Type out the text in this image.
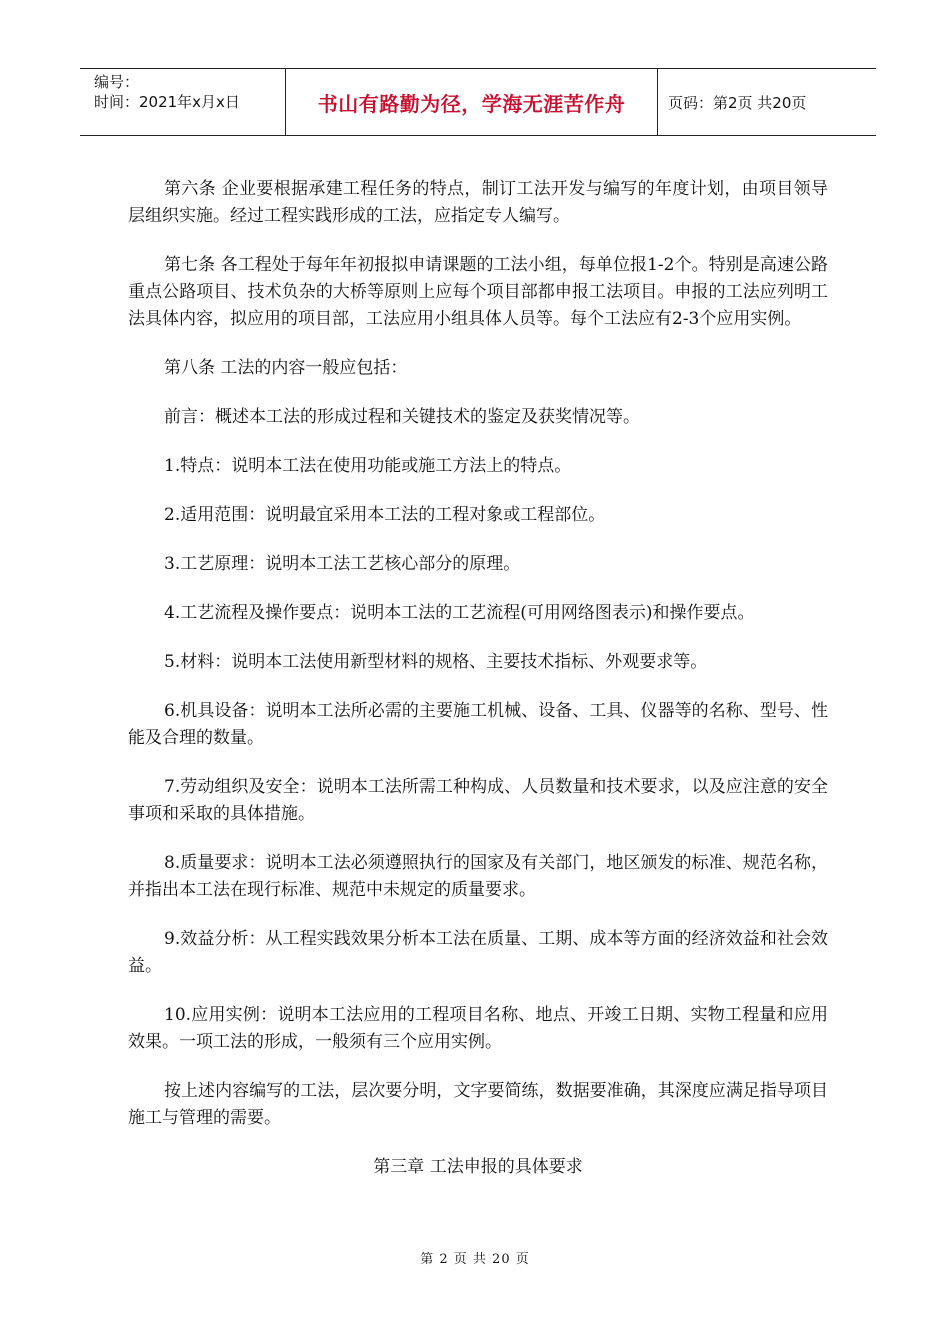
编号：
时间：2021年x月x日	书山有路勤为径，学海无涯苦作舟	页码：第2页 共20页

第六条 企业要根据承建工程任务的特点，制订工法开发与编写的年度计划，由项目领导层组织实施。经过工程实践形成的工法，应指定专人编写。

第七条 各工程处于每年年初报拟申请课题的工法小组，每单位报1-2个。特别是高速公路重点公路项目、技术负杂的大桥等原则上应每个项目部都申报工法项目。申报的工法应列明工法具体内容，拟应用的项目部，工法应用小组具体人员等。每个工法应有2-3个应用实例。

第八条 工法的内容一般应包括：

前言：概述本工法的形成过程和关键技术的鉴定及获奖情况等。

1.特点：说明本工法在使用功能或施工方法上的特点。

2.适用范围：说明最宜采用本工法的工程对象或工程部位。

3.工艺原理：说明本工法工艺核心部分的原理。

4.工艺流程及操作要点：说明本工法的工艺流程(可用网络图表示)和操作要点。

5.材料：说明本工法使用新型材料的规格、主要技术指标、外观要求等。

6.机具设备：说明本工法所必需的主要施工机械、设备、工具、仪器等的名称、型号、性能及合理的数量。

7.劳动组织及安全：说明本工法所需工种构成、人员数量和技术要求，以及应注意的安全事项和采取的具体措施。

8.质量要求：说明本工法必须遵照执行的国家及有关部门，地区颁发的标准、规范名称，并指出本工法在现行标准、规范中未规定的质量要求。

9.效益分析：从工程实践效果分析本工法在质量、工期、成本等方面的经济效益和社会效益。

10.应用实例：说明本工法应用的工程项目名称、地点、开竣工日期、实物工程量和应用效果。一项工法的形成，一般须有三个应用实例。

按上述内容编写的工法，层次要分明，文字要简练，数据要准确，其深度应满足指导项目施工与管理的需要。

第三章 工法申报的具体要求
第 2 页 共 20 页
